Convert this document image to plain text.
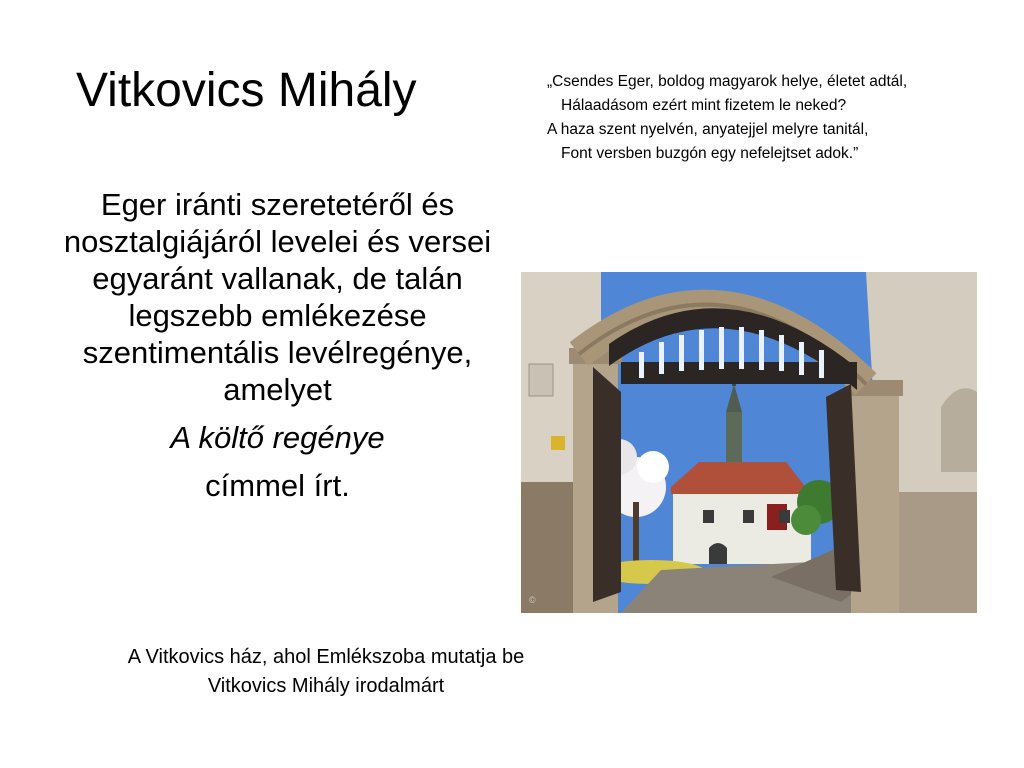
Vitkovics Mihály	„Csendes Eger, boldog magyarok helye, életet adtál,
Hálaadásom ezért mint fizetem le neked?
A haza szent nyelvén, anyatejjel melyre tanitál,
Font versben buzgón egy nefelejtset adok.”

Eger iránti szeretetéről és nosztalgiájáról levelei és versei egyaránt vallanak, de talán legszebb emlékezése szentimentális levélregénye, amelyet

A költő regénye

címmel írt.

©
A Vitkovics ház, ahol Emlékszoba mutatja be Vitkovics Mihály irodalmárt
